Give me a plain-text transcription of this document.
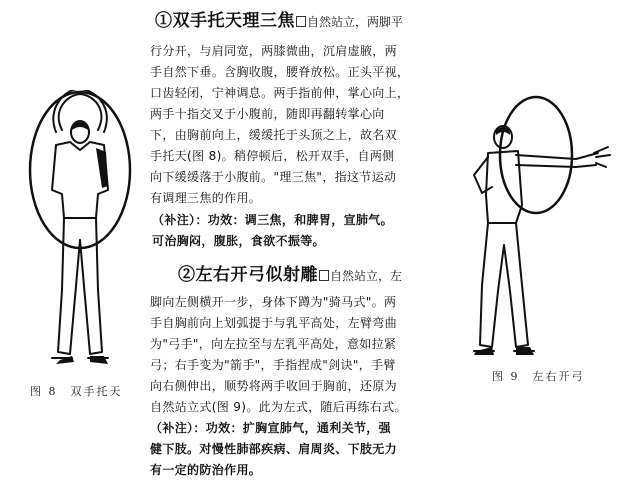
图 8　双手托天
图 9　左右开弓
①双手托天理三焦 自然站立，两脚平
行分开，与肩同宽，两膝微曲，沉肩虚腋，两
手自然下垂。含胸收腹，腰脊放松。正头平视，
口齿轻闭，宁神调息。两手指前伸，掌心向上，
两手十指交叉于小腹前，随即再翻转掌心向
下，由胸前向上，缓缓托于头顶之上，故名双
手托天(图 8)。稍停顿后，松开双手，自两侧
向下缓缓落于小腹前。"理三焦"，指这节运动
有调理三焦的作用。
（补注）：功效：调三焦，和脾胃，宣肺气。
可治胸闷，腹胀，食欲不振等。
②左右开弓似射雕 自然站立，左
脚向左侧横开一步，身体下蹲为"骑马式"。两
手自胸前向上划弧提于与乳平高处，左臂弯曲
为"弓手"，向左拉至与左乳平高处，意如拉紧
弓；右手变为"箭手"，手指捏成"剑诀"，手臂
向右侧伸出，顺势将两手收回于胸前，还原为
自然站立式(图 9)。此为左式，随后再练右式。
（补注）：功效：扩胸宣肺气，通利关节，强
健下肢。对慢性肺部疾病、肩周炎、下肢无力
有一定的防治作用。
